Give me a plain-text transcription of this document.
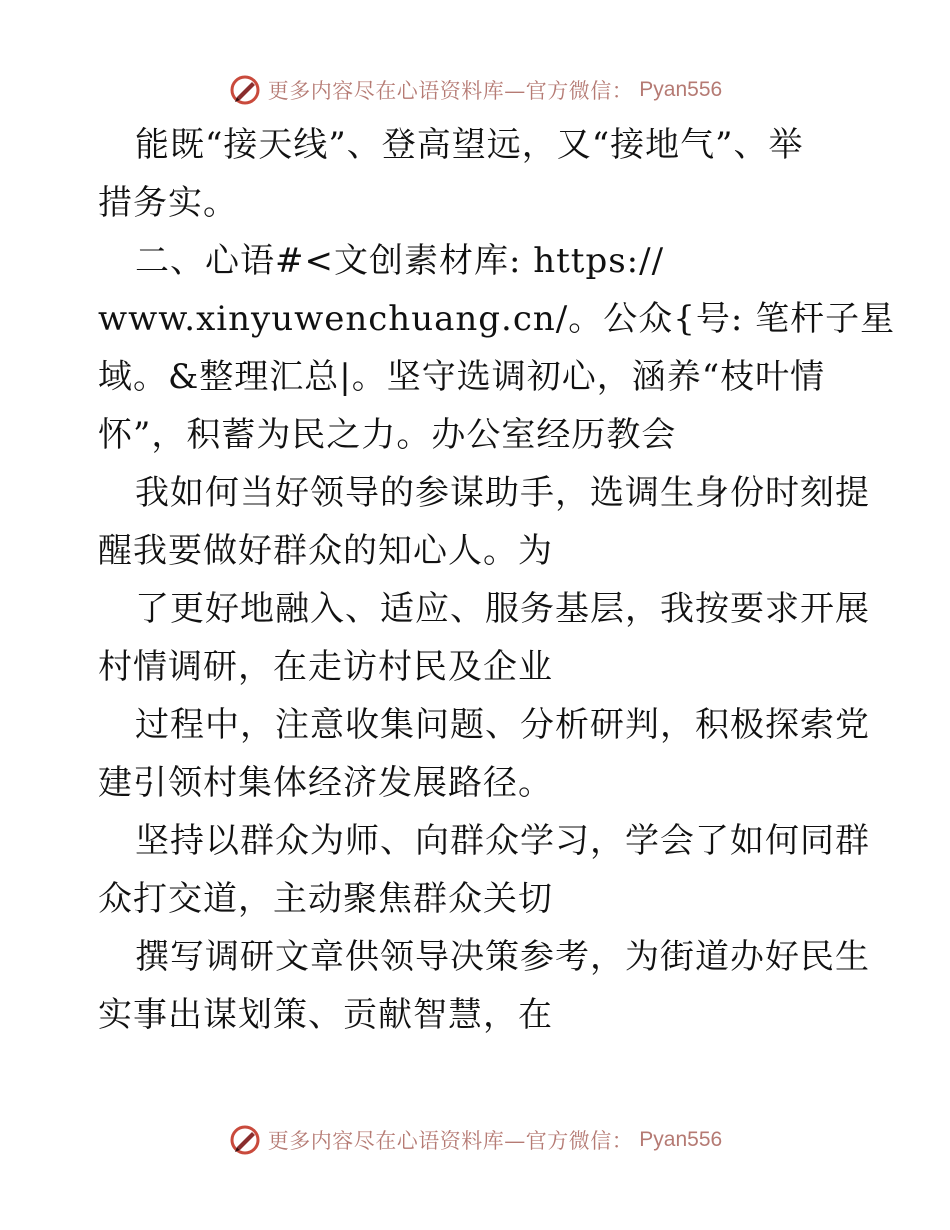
更多内容尽在心语资料库—官方微信： Pyan556
能既“接天线”、登高望远，又“接地气”、举
措务实。
二、心语#<文创素材库: https://
www.xinyuwenchuang.cn/。公众{号: 笔杆子星
域。&整理汇总|。坚守选调初心，涵养“枝叶情
怀”，积蓄为民之力。办公室经历教会
我如何当好领导的参谋助手，选调生身份时刻提
醒我要做好群众的知心人。为
了更好地融入、适应、服务基层，我按要求开展
村情调研，在走访村民及企业
过程中，注意收集问题、分析研判，积极探索党
建引领村集体经济发展路径。
坚持以群众为师、向群众学习，学会了如何同群
众打交道，主动聚焦群众关切
撰写调研文章供领导决策参考，为街道办好民生
实事出谋划策、贡献智慧，在
更多内容尽在心语资料库—官方微信： Pyan556
